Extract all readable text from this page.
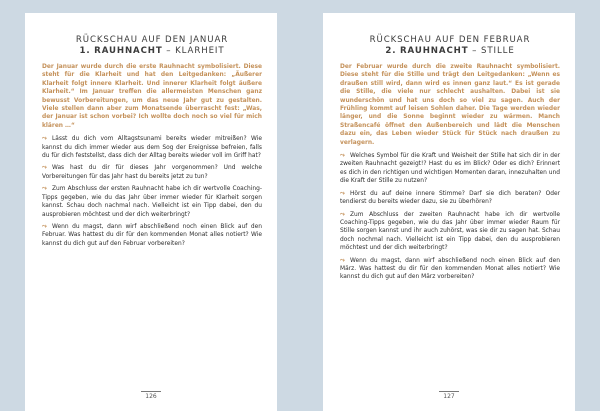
RÜCKSCHAU AUF DEN JANUAR
1. RAUHNACHT – KLARHEIT

Der Januar wurde durch die erste Rauhnacht symbolisiert. Diese steht für die Klarheit und hat den Leitgedanken: „Äußerer Klarheit folgt innere Klarheit. Und innerer Klarheit folgt äußere Klarheit.“ Im Januar treffen die allermeisten Menschen ganz bewusst Vorbereitungen, um das neue Jahr gut zu gestalten. Viele stellen dann aber zum Monatsende überrascht fest: „Was, der Januar ist schon vorbei? Ich wollte doch noch so viel für mich klären …“

⤳ Lässt du dich vom Alltagstsunami bereits wieder mitreißen? Wie kannst du dich immer wieder aus dem Sog der Ereignisse befreien, falls du für dich feststellst, dass dich der Alltag bereits wieder voll im Griff hat?

⤳ Was hast du dir für dieses Jahr vorgenommen? Und welche Vorbereitungen für das Jahr hast du bereits jetzt zu tun?

⤳ Zum Abschluss der ersten Rauhnacht habe ich dir wertvolle Coaching-Tipps gegeben, wie du das Jahr über immer wieder für Klarheit sorgen kannst. Schau doch nachmal nach. Vielleicht ist ein Tipp dabei, den du ausprobieren möchtest und der dich weiterbringt?

⤳ Wenn du magst, dann wirf abschließend noch einen Blick auf den Februar. Was hattest du dir für den kommenden Monat alles notiert? Wie kannst du dich gut auf den Februar vorbereiten?

126
RÜCKSCHAU AUF DEN FEBRUAR
2. RAUHNACHT – STILLE

Der Februar wurde durch die zweite Rauhnacht symbolisiert. Diese steht für die Stille und trägt den Leitgedanken: „Wenn es draußen still wird, dann wird es innen ganz laut.“ Es ist gerade die Stille, die viele nur schlecht aushalten. Dabei ist sie wunderschön und hat uns doch so viel zu sagen. Auch der Frühling kommt auf leisen Sohlen daher. Die Tage werden wieder länger, und die Sonne beginnt wieder zu wärmen. Manch Straßencafé öffnet den Außenbereich und lädt die Menschen dazu ein, das Leben wieder Stück für Stück nach draußen zu verlagern.

⤳ Welches Symbol für die Kraft und Weisheit der Stille hat sich dir in der zweiten Rauhnacht gezeigt!? Hast du es im Blick? Oder es dich? Erinnert es dich in den richtigen und wichtigen Momenten daran, innezuhalten und die Kraft der Stille zu nutzen?

⤳ Hörst du auf deine innere Stimme? Darf sie dich beraten? Oder tendierst du bereits wieder dazu, sie zu überhören?

⤳ Zum Abschluss der zweiten Rauhnacht habe ich dir wertvolle Coaching-Tipps gegeben, wie du das Jahr über immer wieder Raum für Stille sorgen kannst und ihr auch zuhörst, was sie dir zu sagen hat. Schau doch nochmal nach. Vielleicht ist ein Tipp dabei, den du ausprobieren möchtest und der dich weiterbringt?

⤳ Wenn du magst, dann wirf abschließend noch einen Blick auf den März. Was hattest du dir für den kommenden Monat alles notiert? Wie kannst du dich gut auf den März vorbereiten?

127
